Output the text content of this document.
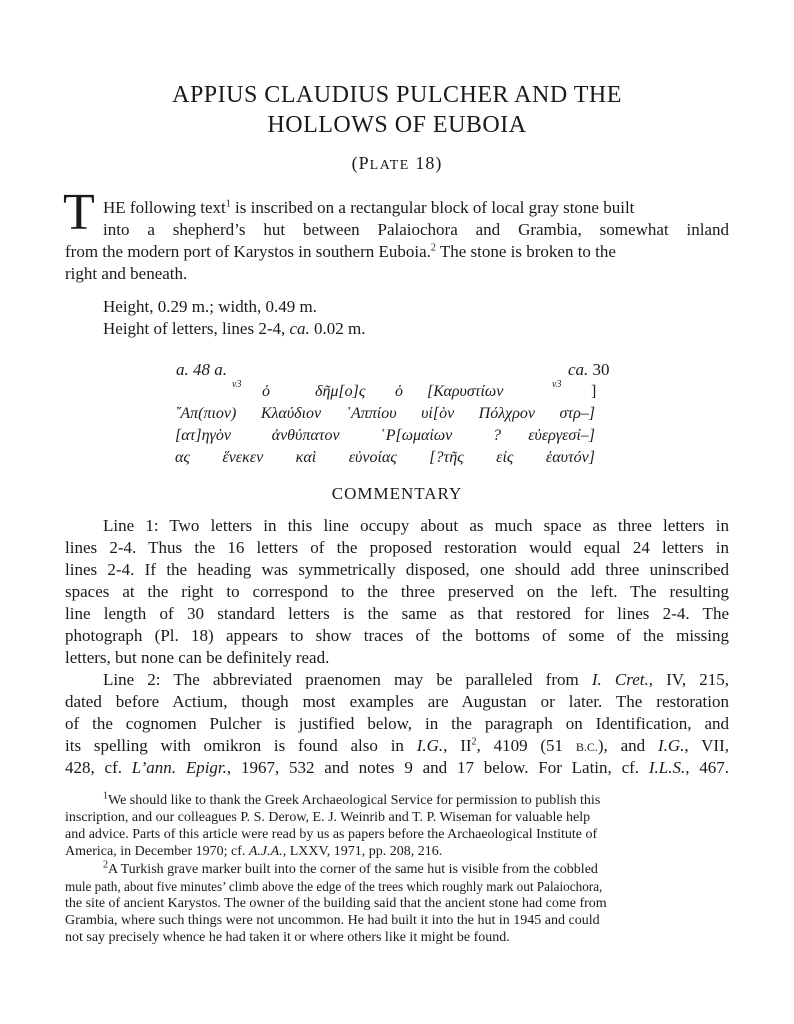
APPIUS CLAUDIUS PULCHER AND THE
HOLLOWS OF EUBOIA
(PLATE 18)
T HE following text$^1$ is inscribed on a rectangular block of local gray stone built
into a shepherd’s hut between Palaiochora and Grambia, somewhat inland
from the modern port of Karystos in southern Euboia.$^2$ The stone is broken to the
right and beneath.
Height, 0.29 m.; width, 0.49 m.
Height of letters, lines 2-4, ca. 0.02 m.
a. 48 a.	ca. 30
v3 ὁ	δῆμ[ο]ς ὁ [Καρυστίων	v3 ]
῎Απ(πιον) Κλαύδιον ᾿Αππίου υἱ[ὸν Πόλχρον στρ–]
[ατ]ηγὸν   ἀνθύπατον   ῾Ρ[ωμαίων   ?  εὐεργεσί–]
ας   ἕνεκεν   καὶ   εὐνοίας   [?τῆς   εἰς   ἑαυτόν]
COMMENTARY
Line 1: Two letters in this line occupy about as much space as three letters in
lines 2-4. Thus the 16 letters of the proposed restoration would equal 24 letters in
lines 2-4. If the heading was symmetrically disposed, one should add three uninscribed
spaces at the right to correspond to the three preserved on the left. The resulting
line length of 30 standard letters is the same as that restored for lines 2-4. The
photograph (Pl. 18) appears to show traces of the bottoms of some of the missing
letters, but none can be definitely read.
Line 2: The abbreviated praenomen may be paralleled from I. Cret., IV, 215,
dated before Actium, though most examples are Augustan or later. The restoration
of the cognomen Pulcher is justified below, in the paragraph on Identification, and
its spelling with omikron is found also in I.G., $II^2$, 4109 (51 B.C.), and I.G., VII,
428, cf. L’ann. Epigr., 1967, 532 and notes 9 and 17 below. For Latin, cf. I.L.S., 467.
$^1$We should like to thank the Greek Archaeological Service for permission to publish this
inscription, and our colleagues P. S. Derow, E. J. Weinrib and T. P. Wiseman for valuable help
and advice. Parts of this article were read by us as papers before the Archaeological Institute of
America, in December 1970; cf. A.J.A., LXXV, 1971, pp. 208, 216.
$^2$A Turkish grave marker built into the corner of the same hut is visible from the cobbled
mule path, about five minutes’ climb above the edge of the trees which roughly mark out Palaiochora,
the site of ancient Karystos. The owner of the building said that the ancient stone had come from
Grambia, where such things were not uncommon. He had built it into the hut in 1945 and could
not say precisely whence he had taken it or where others like it might be found.
